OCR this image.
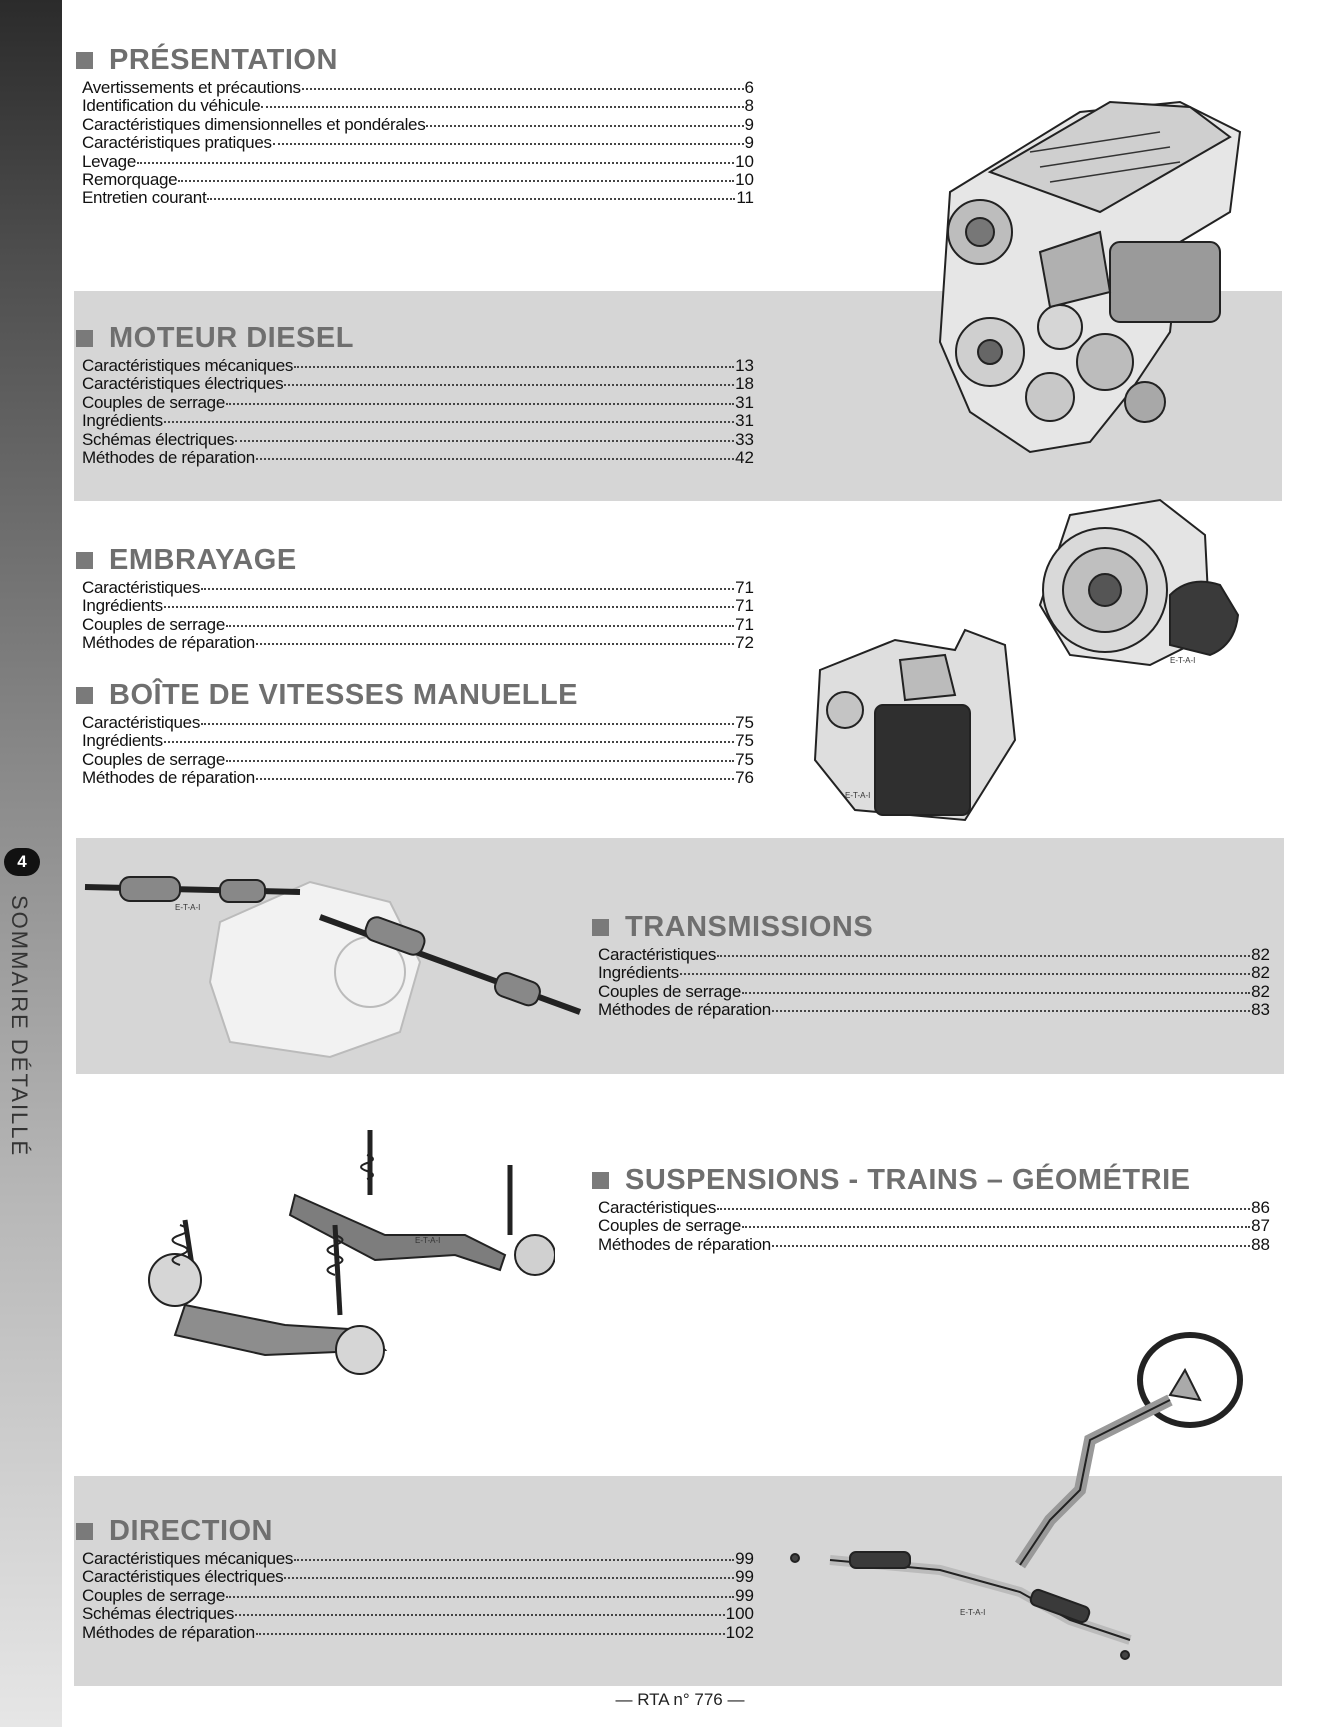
4
SOMMAIRE DÉTAILLÉ
PRÉSENTATION
Avertissements et précautions	6
Identification du véhicule	8
Caractéristiques dimensionnelles et pondérales	9
Caractéristiques pratiques	9
Levage	10
Remorquage	10
Entretien courant	11
MOTEUR DIESEL
Caractéristiques mécaniques	13
Caractéristiques électriques	18
Couples de serrage	31
Ingrédients	31
Schémas électriques	33
Méthodes de réparation	42
EMBRAYAGE
Caractéristiques	71
Ingrédients	71
Couples de serrage	71
Méthodes de réparation	72
BOÎTE DE VITESSES MANUELLE
Caractéristiques	75
Ingrédients	75
Couples de serrage	75
Méthodes de réparation	76
TRANSMISSIONS
Caractéristiques	82
Ingrédients	82
Couples de serrage	82
Méthodes de réparation	83
SUSPENSIONS - TRAINS – GÉOMÉTRIE
Caractéristiques	86
Couples de serrage	87
Méthodes de réparation	88
DIRECTION
Caractéristiques mécaniques	99
Caractéristiques électriques	99
Couples de serrage	99
Schémas électriques	100
Méthodes de réparation	102
E-T-A-I
E-T-A-I
E-T-A-I
E-T-A-I
E-T-A-I
— RTA n° 776 —
